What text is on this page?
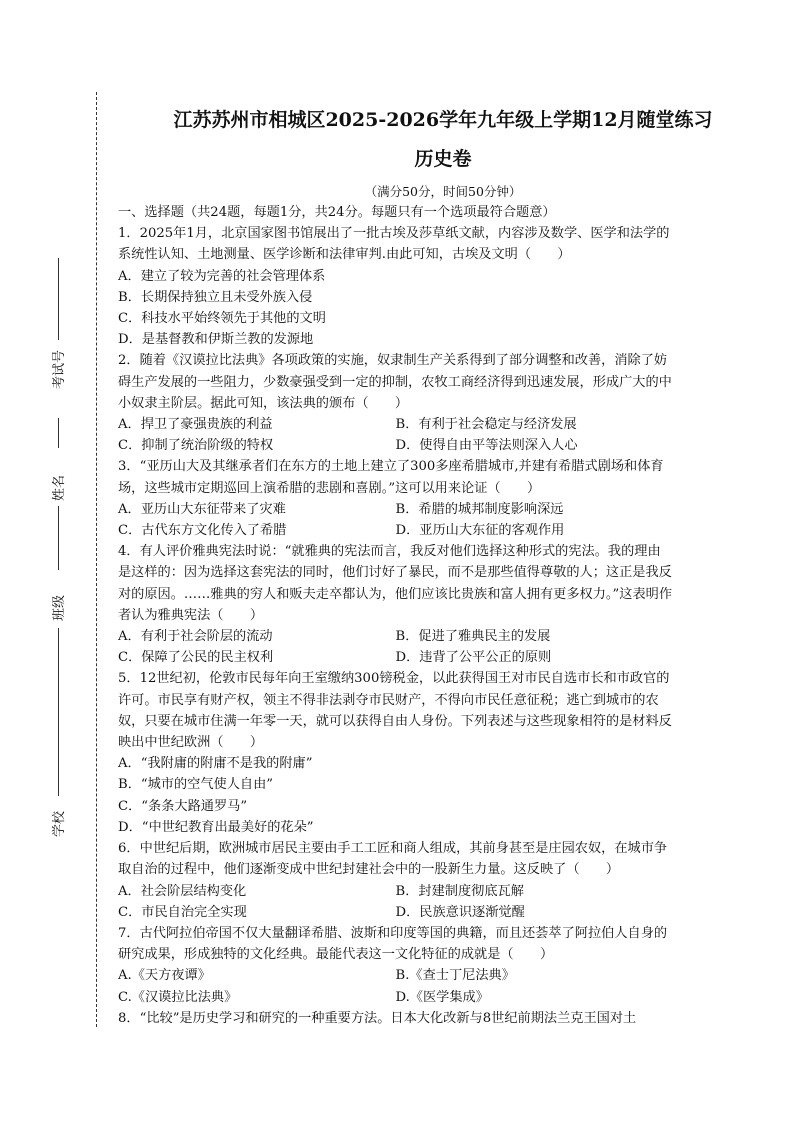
考试号
姓名
班级
学校
江苏苏州市相城区2025-2026学年九年级上学期12月随堂练习
历史卷

（满分50分，时间50分钟）

一、选择题（共24题，每题1分，共24分。每题只有一个选项最符合题意）

1．2025年1月，北京国家图书馆展出了一批古埃及莎草纸文献，内容涉及数学、医学和法学的系统性认知、土地测量、医学诊断和法律审判.由此可知，古埃及文明（　　）

A．建立了较为完善的社会管理体系

B．长期保持独立且未受外族入侵

C．科技水平始终领先于其他的文明

D．是基督教和伊斯兰教的发源地

2．随着《汉谟拉比法典》各项政策的实施，奴隶制生产关系得到了部分调整和改善，消除了妨碍生产发展的一些阻力，少数豪强受到一定的抑制，农牧工商经济得到迅速发展，形成广大的中小奴隶主阶层。据此可知，该法典的颁布（　　）

A．捍卫了豪强贵族的利益	B．有利于社会稳定与经济发展
C．抑制了统治阶级的特权	D．使得自由平等法则深入人心

3．“亚历山大及其继承者们在东方的土地上建立了300多座希腊城市,并建有希腊式剧场和体育场，这些城市定期巡回上演希腊的悲剧和喜剧。”这可以用来论证（　　）

A．亚历山大东征带来了灾难	B．希腊的城邦制度影响深远
C．古代东方文化传入了希腊	D．亚历山大东征的客观作用

4．有人评价雅典宪法时说：“就雅典的宪法而言，我反对他们选择这种形式的宪法。我的理由是这样的：因为选择这套宪法的同时，他们讨好了暴民，而不是那些值得尊敬的人；这正是我反对的原因。……雅典的穷人和贩夫走卒都认为，他们应该比贵族和富人拥有更多权力。”这表明作者认为雅典宪法（　　）

A．有利于社会阶层的流动	B．促进了雅典民主的发展
C．保障了公民的民主权利	D．违背了公平公正的原则

5．12世纪初，伦敦市民每年向王室缴纳300镑税金，以此获得国王对市民自选市长和市政官的许可。市民享有财产权，领主不得非法剥夺市民财产，不得向市民任意征税；逃亡到城市的农奴，只要在城市住满一年零一天，就可以获得自由人身份。下列表述与这些现象相符的是材料反映出中世纪欧洲（　　）

A．“我附庸的附庸不是我的附庸”

B．“城市的空气使人自由”

C．“条条大路通罗马”

D．“中世纪教育出最美好的花朵”

6．中世纪后期，欧洲城市居民主要由手工工匠和商人组成，其前身甚至是庄园农奴，在城市争取自治的过程中，他们逐渐变成中世纪封建社会中的一股新生力量。这反映了（　　）

A．社会阶层结构变化	B．封建制度彻底瓦解
C．市民自治完全实现	D．民族意识逐渐觉醒

7．古代阿拉伯帝国不仅大量翻译希腊、波斯和印度等国的典籍，而且还荟萃了阿拉伯人自身的研究成果，形成独特的文化经典。最能代表这一文化特征的成就是（　　）

A.《天方夜谭》	B.《查士丁尼法典》
C.《汉谟拉比法典》	D.《医学集成》

8．“比较”是历史学习和研究的一种重要方法。日本大化改新与8世纪前期法兰克王国对土
